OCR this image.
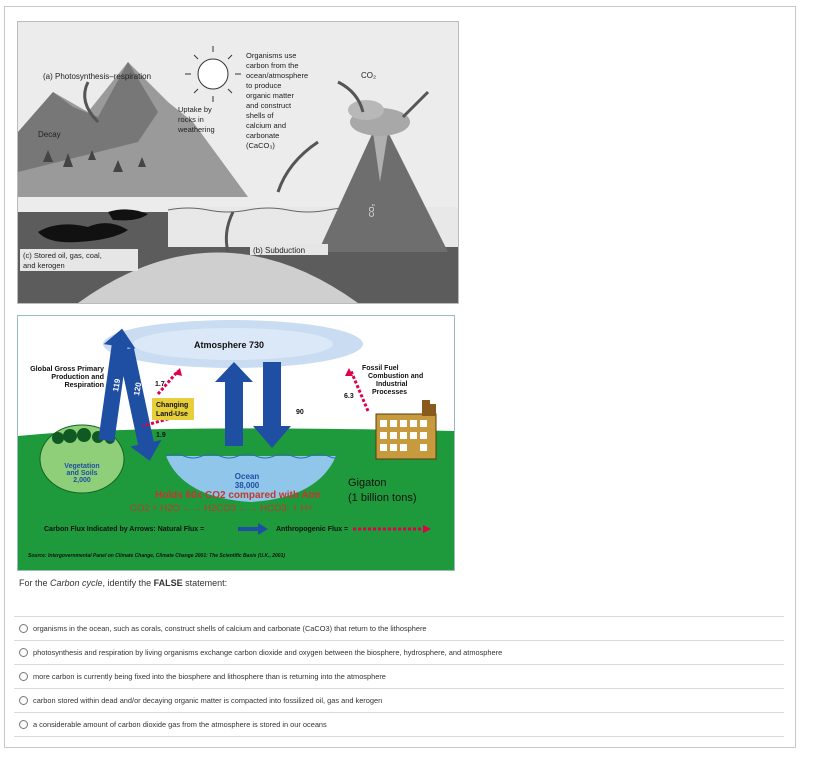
(a) Photosynthesis–respiration
Decay
Uptake by
rocks in
weathering
Organisms use
carbon from the
ocean/atmosphere
to produce
organic matter
and construct
shells of
calcium and
carbonate
(CaCO₃)
CO₂
CO₂
(b) Subduction
(c) Stored oil, gas, coal,
and kerogen
Atmosphere 730
Global Gross Primary
Production and
Respiration 119 120 1.7
1.9
Changing
Land-Use
88	90
Fossil Fuel
Combustion and
Industrial
Processes
6.3
Vegetation
and Soils
2,000	Ocean
38,000	Gigaton
(1 billion tons)
Holds 60x CO2 compared with Atm
CO2 + H2O ←→ H2CO3 ←→ HCO3- + H+
Carbon Flux Indicated by Arrows: Natural Flux =	Anthropogenic Flux =
Source: Intergovernmental Panel on Climate Change, Climate Change 2001: The Scientific Basis (U.K., 2001)
For the Carbon cycle, identify the FALSE statement:
organisms in the ocean, such as corals, construct shells of calcium and carbonate (CaCO3) that return to the lithosphere
photosynthesis and respiration by living organisms exchange carbon dioxide and oxygen between the biosphere, hydrosphere, and atmosphere
more carbon is currently being fixed into the biosphere and lithosphere than is returning into the atmosphere
carbon stored within dead and/or decaying organic matter is compacted into fossilized oil, gas and kerogen
a considerable amount of carbon dioxide gas from the atmosphere is stored in our oceans
